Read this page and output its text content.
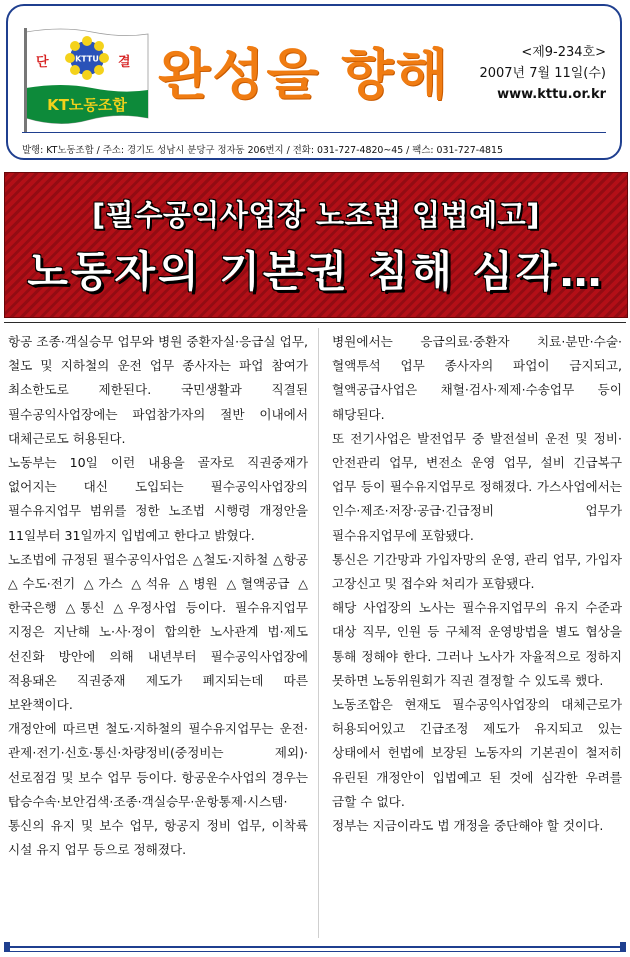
KTTU
단	결
KT노동조합 완성을 향해	<제9-234호>
2007년 7월 11일(수)
www.kttu.or.kr
발행: KT노동조합 / 주소: 경기도 성남시 분당구 정자동 206번지 / 전화: 031-727-4820~45 / 팩스: 031-727-4815
[필수공익사업장 노조법 입법예고]
노동자의 기본권 침해 심각…

항공 조종·객실승무 업무와 병원 중환자실·응급실 업무, 철도 및 지하철의 운전 업무 종사자는 파업 참여가 최소한도로 제한된다. 국민생활과 직결된 필수공익사업장에는 파업참가자의 절반 이내에서 대체근로도 허용된다.

노동부는 10일 이런 내용을 골자로 직권중재가 없어지는 대신 도입되는 필수공익사업장의 필수유지업무 범위를 정한 노조법 시행령 개정안을 11일부터 31일까지 입법예고 한다고 밝혔다.

노조법에 규정된 필수공익사업은 △철도·지하철 △항공 △수도·전기 △가스 △석유 △병원 △혈액공급 △한국은행 △통신 △우정사업 등이다. 필수유지업무 지정은 지난해 노·사·정이 합의한 노사관계 법·제도 선진화 방안에 의해 내년부터 필수공익사업장에 적용돼온 직권중재 제도가 폐지되는데 따른 보완책이다.

개정안에 따르면 철도·지하철의 필수유지업무는 운전·관제·전기·신호·통신·차량정비(중정비는 제외)·선로점검 및 보수 업무 등이다. 항공운수사업의 경우는 탑승수속·보안검색·조종·객실승무·운항통제·시스템·통신의 유지 및 보수 업무, 항공지 정비 업무, 이착륙 시설 유지 업무 등으로 정해졌다.

병원에서는 응급의료·중환자 치료·분만·수술·혈액투석 업무 종사자의 파업이 금지되고, 혈액공급사업은 채혈·검사·제제·수송업무 등이 해당된다.

또 전기사업은 발전업무 중 발전설비 운전 및 정비·안전관리 업무, 변전소 운영 업무, 설비 긴급복구 업무 등이 필수유지업무로 정해졌다. 가스사업에서는 인수·제조·저장·공급·긴급정비 업무가 필수유지업무에 포함됐다.

통신은 기간망과 가입자망의 운영, 관리 업무, 가입자 고장신고 및 접수와 처리가 포함됐다.

해당 사업장의 노사는 필수유지업무의 유지 수준과 대상 직무, 인원 등 구체적 운영방법을 별도 협상을 통해 정해야 한다. 그러나 노사가 자율적으로 정하지 못하면 노동위원회가 직권 결정할 수 있도록 했다.

노동조합은 현재도 필수공익사업장의 대체근로가 허용되어있고 긴급조정 제도가 유지되고 있는 상태에서 헌법에 보장된 노동자의 기본권이 철저히 유린된 개정안이 입법예고 된 것에 심각한 우려를 금할 수 없다.

정부는 지금이라도 법 개정을 중단해야 할 것이다.
